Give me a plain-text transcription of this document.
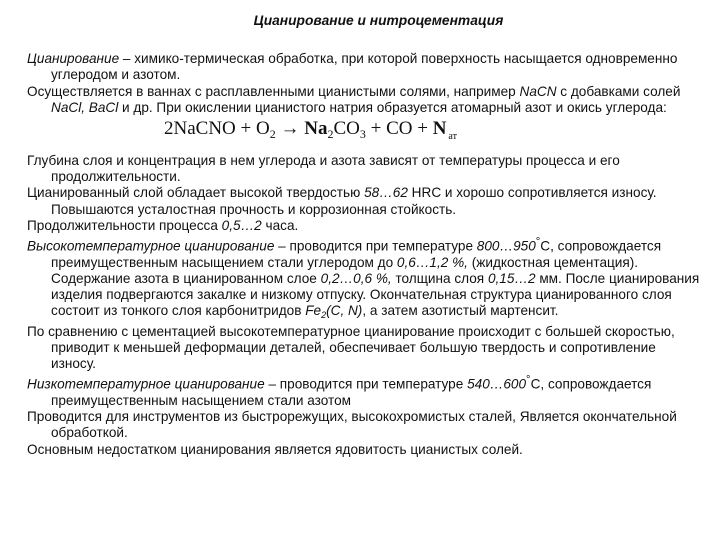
Цианирование и нитроцементация

Цианирование – химико-термическая обработка, при которой поверхность насыщается одновременно углеродом и азотом.

Осуществляется в ваннах с расплавленными цианистыми солями, например NaCN с добавками солей NaCl, BaCl и др. При окислении цианистого натрия образуется атомарный азот и окись углерода:

2NaCNO + $O_2 \to Na_2CO_3$ + CO + N $_{ат}$

Глубина слоя и концентрация в нем углерода и азота зависят от температуры процесса и его продолжительности.

Цианированный слой обладает высокой твердостью 58…62 HRC и хорошо сопротивляется износу. Повышаются усталостная прочность и коррозионная стойкость.

Продолжительности процесса 0,5…2 часа.

Высокотемпературное цианирование – проводится при температуре 800…950°С, сопровождается преимущественным насыщением стали углеродом до 0,6…1,2 %, (жидкостная цементация). Содержание азота в цианированном слое 0,2…0,6 %, толщина слоя 0,15…2 мм. После цианирования изделия подвергаются закалке и низкому отпуску. Окончательная структура цианированного слоя состоит из тонкого слоя карбонитридов $Fe_2(C$, N), а затем азотистый мартенсит.

По сравнению с цементацией высокотемпературное цианирование происходит с большей скоростью, приводит к меньшей деформации деталей, обеспечивает большую твердость и сопротивление износу.

Низкотемпературное цианирование – проводится при температуре 540…600°С, сопровождается преимущественным насыщением стали азотом

Проводится для инструментов из быстрорежущих, высокохромистых сталей, Является окончательной обработкой.

Основным недостатком цианирования является ядовитость цианистых солей.
